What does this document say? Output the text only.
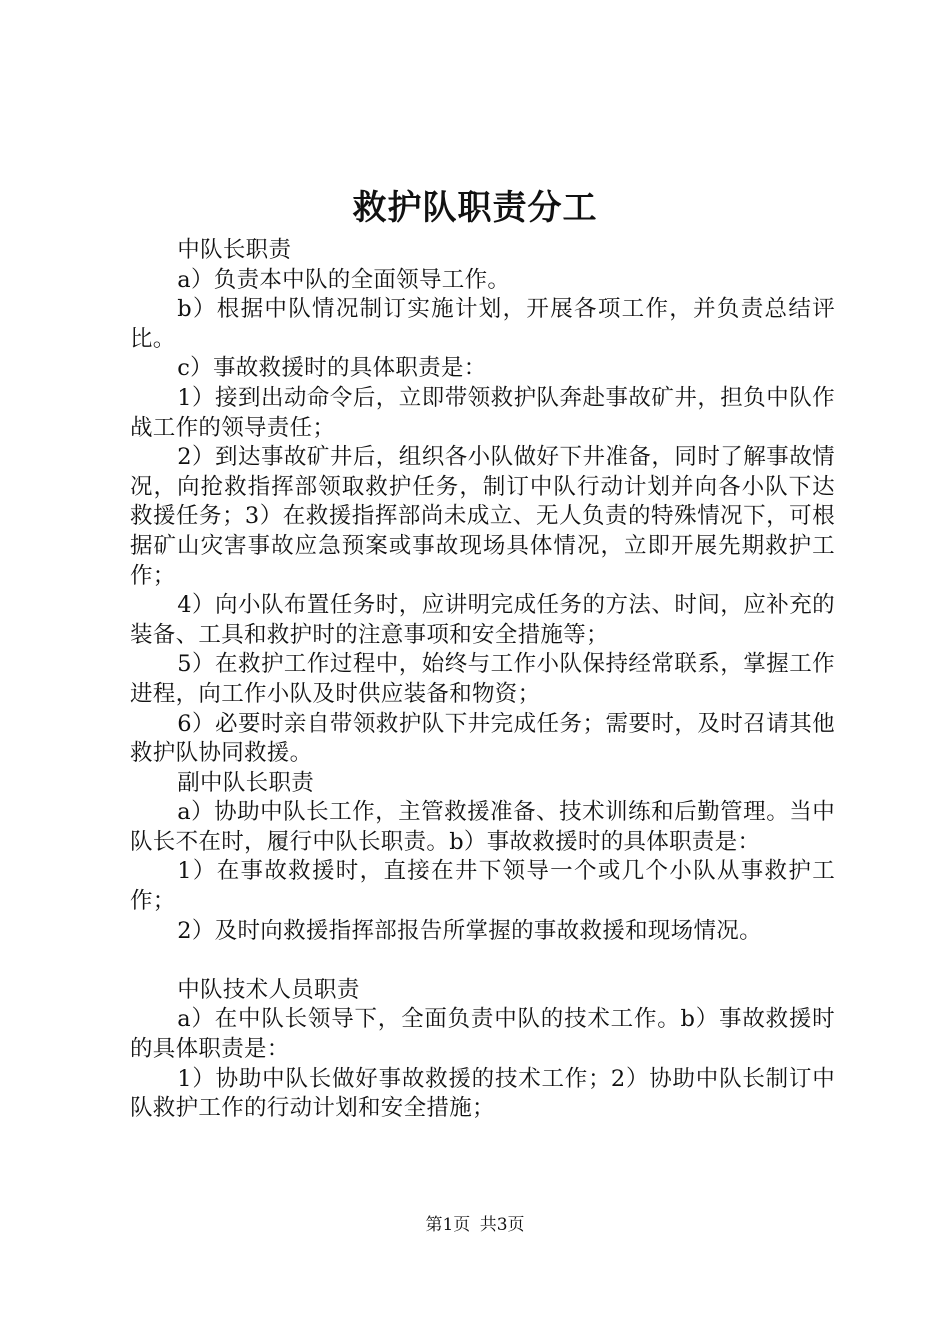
救护队职责分工

中队长职责

a）负责本中队的全面领导工作。

b）根据中队情况制订实施计划，开展各项工作，并负责总结评比。

c）事故救援时的具体职责是：

1）接到出动命令后，立即带领救护队奔赴事故矿井，担负中队作战工作的领导责任；

2）到达事故矿井后，组织各小队做好下井准备，同时了解事故情况，向抢救指挥部领取救护任务，制订中队行动计划并向各小队下达救援任务；3）在救援指挥部尚未成立、无人负责的特殊情况下，可根据矿山灾害事故应急预案或事故现场具体情况，立即开展先期救护工作；

4）向小队布置任务时，应讲明完成任务的方法、时间，应补充的装备、工具和救护时的注意事项和安全措施等；

5）在救护工作过程中，始终与工作小队保持经常联系，掌握工作进程，向工作小队及时供应装备和物资；

6）必要时亲自带领救护队下井完成任务；需要时，及时召请其他救护队协同救援。

副中队长职责

a）协助中队长工作，主管救援准备、技术训练和后勤管理。当中队长不在时，履行中队长职责。b）事故救援时的具体职责是：

1）在事故救援时，直接在井下领导一个或几个小队从事救护工作；

2）及时向救援指挥部报告所掌握的事故救援和现场情况。

中队技术人员职责

a）在中队长领导下，全面负责中队的技术工作。b）事故救援时的具体职责是：

1）协助中队长做好事故救援的技术工作；2）协助中队长制订中队救护工作的行动计划和安全措施；

第1页 共3页
